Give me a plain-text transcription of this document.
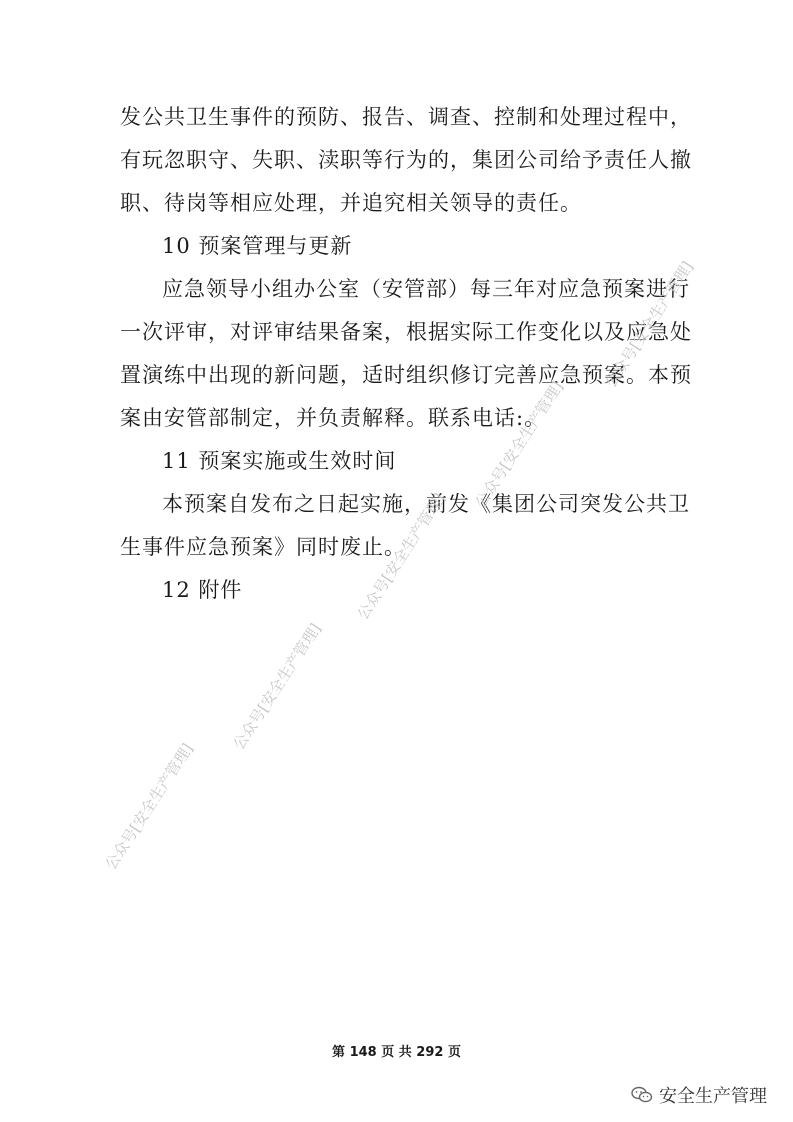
发公共卫生事件的预防、报告、调查、控制和处理过程中，
有玩忽职守、失职、渎职等行为的，集团公司给予责任人撤
职、待岗等相应处理，并追究相关领导的责任。
10 预案管理与更新
应急领导小组办公室（安管部）每三年对应急预案进行
一次评审，对评审结果备案，根据实际工作变化以及应急处
置演练中出现的新问题，适时组织修订完善应急预案。本预
案由安管部制定，并负责解释。联系电话:。
11 预案实施或生效时间
本预案自发布之日起实施，前发《集团公司突发公共卫
生事件应急预案》同时废止。
12 附件
公众号[安全生产管理]
公众号[安全生产管理]
公众号[安全生产管理]
公众号[安全生产管理]
公众号[安全生产管理]
第 148 页 共 292 页
安全生产管理
